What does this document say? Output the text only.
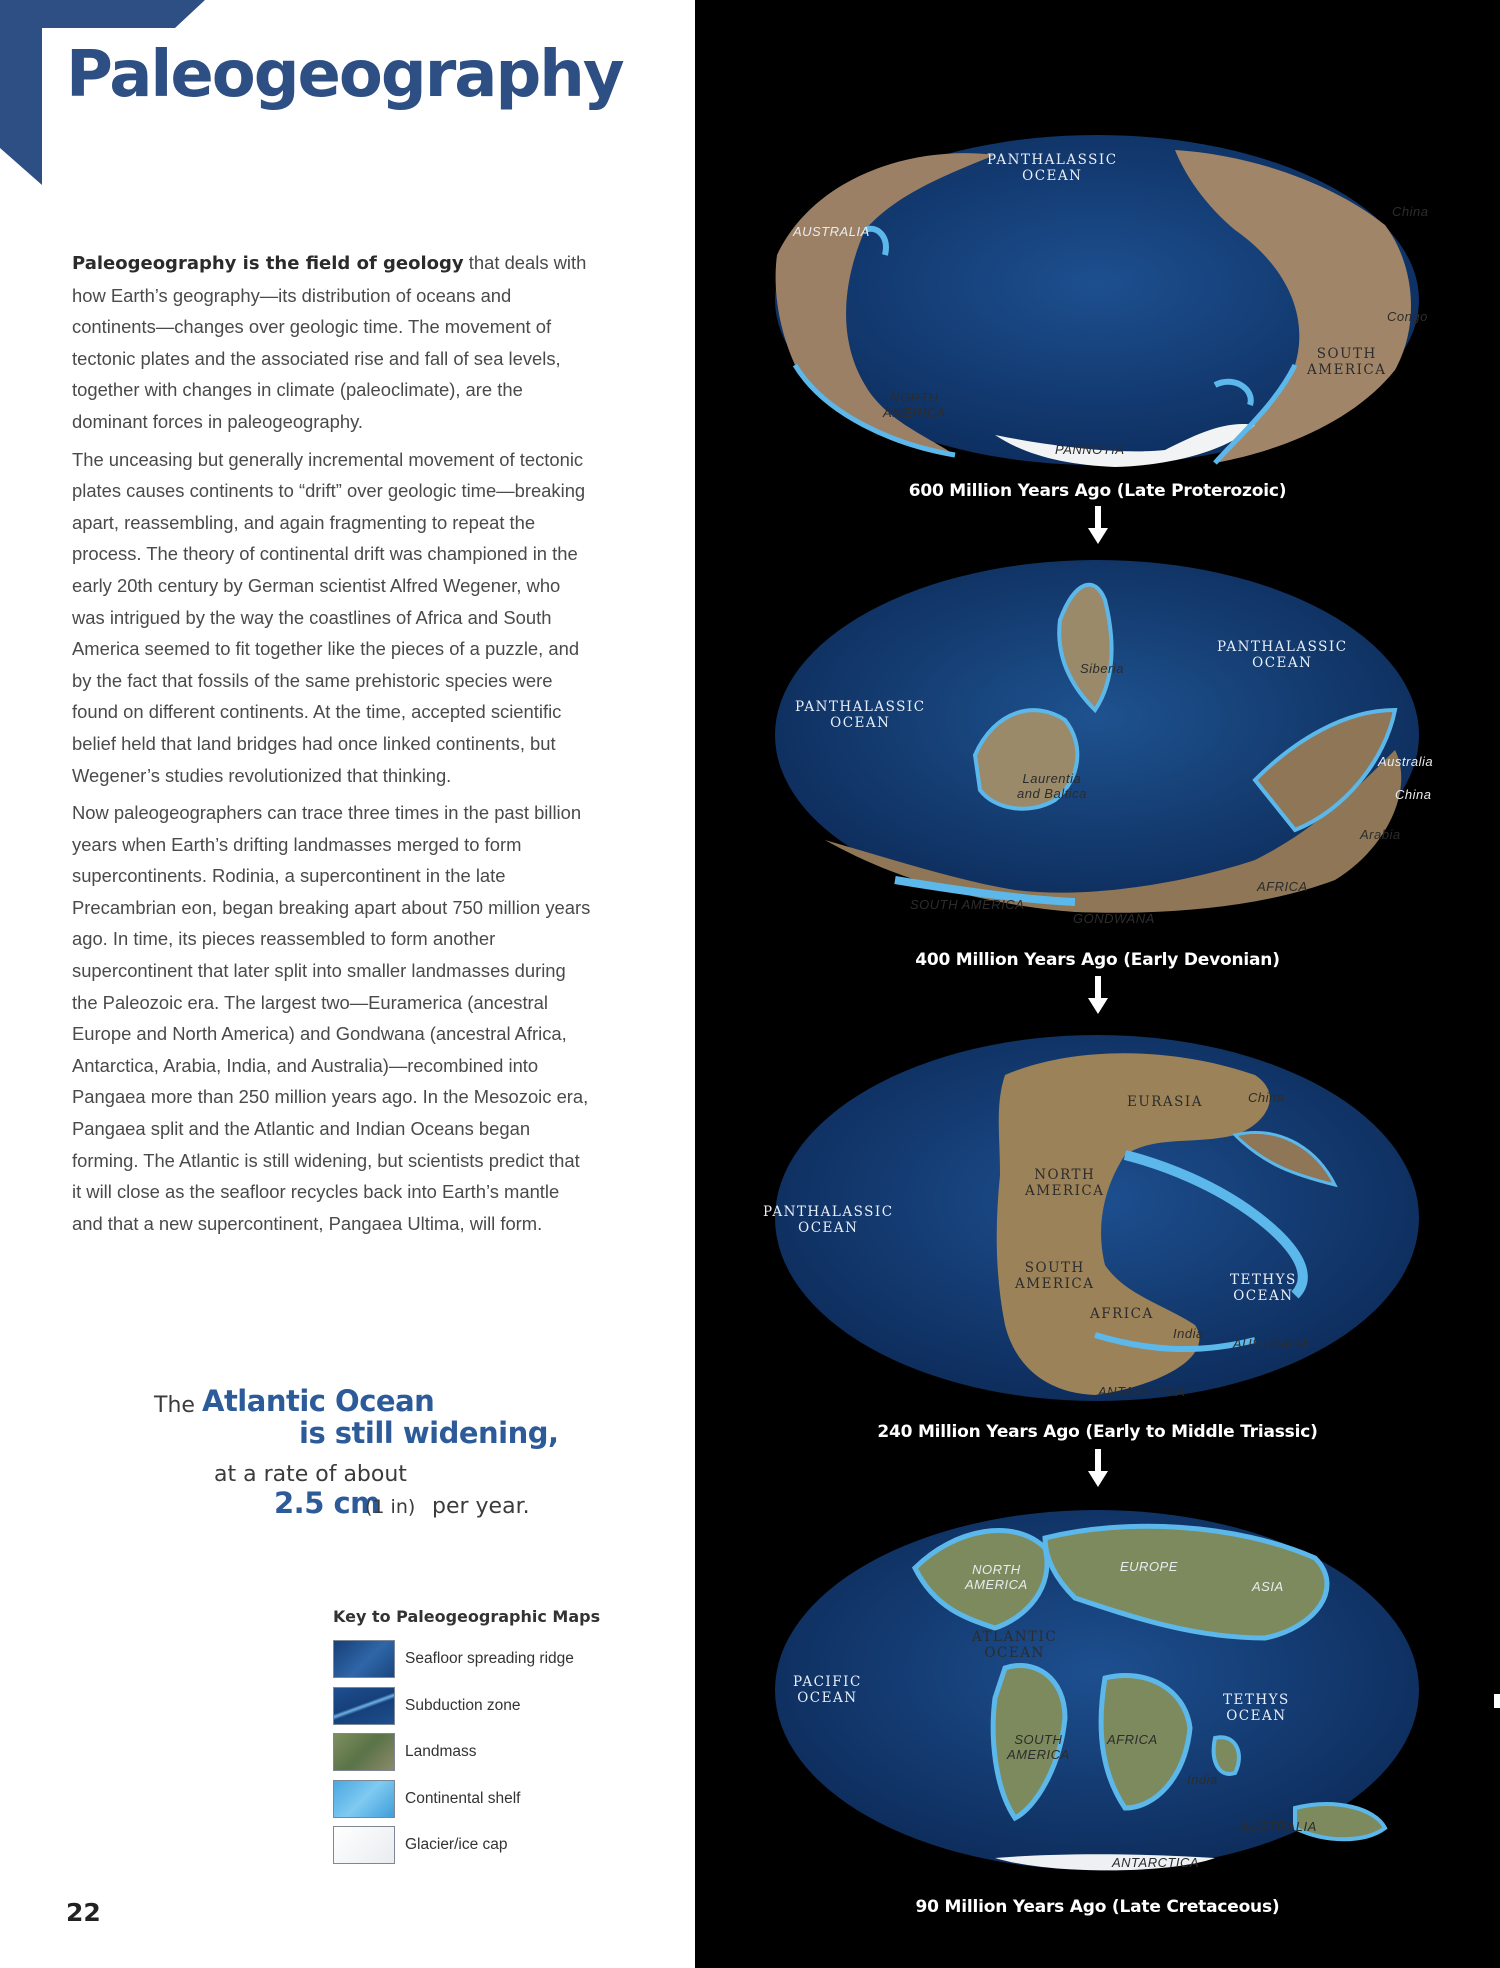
Paleogeography

Paleogeography is the field of geology that deals with how Earth’s geography—its distribution of oceans and continents—changes over geologic time. The movement of tectonic plates and the associated rise and fall of sea levels, together with changes in climate (paleoclimate), are the dominant forces in paleogeography.

The unceasing but generally incremental movement of tectonic plates causes continents to “drift” over geologic time—breaking apart, reassembling, and again fragmenting to repeat the process. The theory of continental drift was championed in the early 20th century by German scientist Alfred Wegener, who was intrigued by the way the coastlines of Africa and South America seemed to fit together like the pieces of a puzzle, and by the fact that fossils of the same prehistoric species were found on different continents. At the time, accepted scientific belief held that land bridges had once linked continents, but Wegener’s studies revolutionized that thinking.

Now paleogeographers can trace three times in the past billion years when Earth’s drifting landmasses merged to form supercontinents. Rodinia, a supercontinent in the late Precambrian eon, began breaking apart about 750 million years ago. In time, its pieces reassembled to form another supercontinent that later split into smaller landmasses during the Paleozoic era. The largest two—Euramerica (ancestral Europe and North America) and Gondwana (ancestral Africa, Antarctica, Arabia, India, and Australia)—recombined into Pangaea more than 250 million years ago. In the Mesozoic era, Pangaea split and the Atlantic and Indian Oceans began forming. The Atlantic is still widening, but scientists predict that it will close as the seafloor recycles back into Earth’s mantle and that a new supercontinent, Pangaea Ultima, will form.

The Atlantic Ocean
is still widening,
at a rate of about
2.5 cm
(1 in) per year.
Key to Paleogeographic Maps
Seafloor spreading ridge
Subduction zone
Landmass
Continental shelf
Glacier/ice cap
22
PANTHALASSIC
OCEAN
AUSTRALIA
China
Congo
SOUTH
AMERICA
NORTH
AMERICA
PANNOTIA
600 Million Years Ago (Late Proterozoic)
PANTHALASSIC
OCEAN
PANTHALASSIC
OCEAN
Siberia
Laurentia
and Baltica
Australia
China
Arabia
AFRICA
SOUTH AMERICA
GONDWANA
400 Million Years Ago (Early Devonian)
PANTHALASSIC
OCEAN
EURASIA	China
NORTH
AMERICA
SOUTH
AMERICA
AFRICA
India
TETHYS
OCEAN
AUSTRALIA
ANTARCTICA
240 Million Years Ago (Early to Middle Triassic)
NORTH
AMERICA
EUROPE
ASIA
ATLANTIC
OCEAN
PACIFIC
OCEAN	TETHYS
OCEAN
SOUTH
AMERICA
AFRICA
India
AUSTRALIA
ANTARCTICA
90 Million Years Ago (Late Cretaceous)
